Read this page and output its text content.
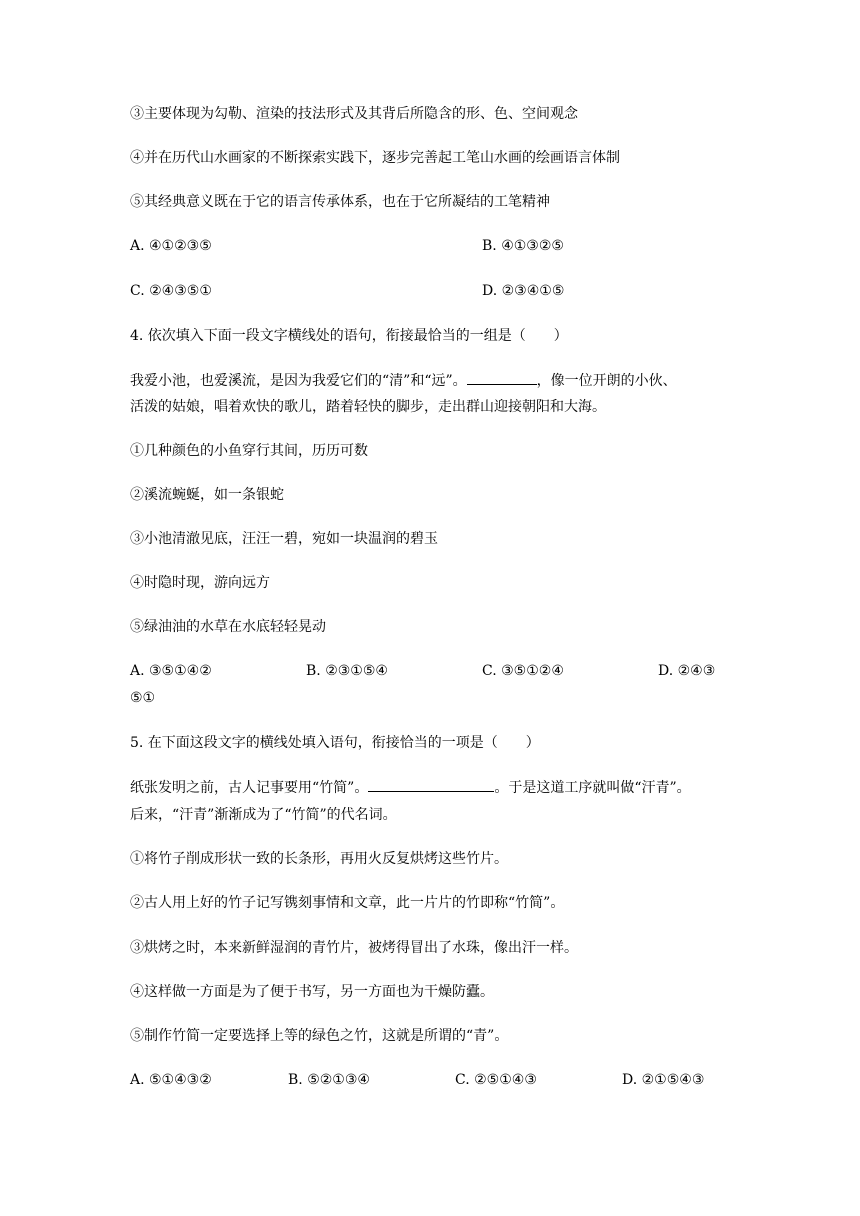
③主要体现为勾勒、渲染的技法形式及其背后所隐含的形、色、空间观念
④并在历代山水画家的不断探索实践下，逐步完善起工笔山水画的绘画语言体制
⑤其经典意义既在于它的语言传承体系，也在于它所凝结的工笔精神
A. ④①②③⑤	B. ④①③②⑤
C. ②④③⑤①	D. ②③④①⑤
4. 依次填入下面一段文字横线处的语句，衔接最恰当的一组是（　　）
我爱小池，也爱溪流，是因为我爱它们的“清”和“远”。	，像一位开朗的小伙、
活泼的姑娘，唱着欢快的歌儿，踏着轻快的脚步，走出群山迎接朝阳和大海。
①几种颜色的小鱼穿行其间，历历可数
②溪流蜿蜒，如一条银蛇
③小池清澈见底，汪汪一碧，宛如一块温润的碧玉
④时隐时现，游向远方
⑤绿油油的水草在水底轻轻晃动
A. ③⑤①④②	B. ②③①⑤④	C. ③⑤①②④	D. ②④③
⑤①
5. 在下面这段文字的横线处填入语句，衔接恰当的一项是（　　）
纸张发明之前，古人记事要用“竹简”。	。于是这道工序就叫做“汗青”。
后来，“汗青”渐渐成为了“竹简”的代名词。
①将竹子削成形状一致的长条形，再用火反复烘烤这些竹片。
②古人用上好的竹子记写镌刻事情和文章，此一片片的竹即称“竹简”。
③烘烤之时，本来新鲜湿润的青竹片，被烤得冒出了水珠，像出汗一样。
④这样做一方面是为了便于书写，另一方面也为干燥防蠹。
⑤制作竹简一定要选择上等的绿色之竹，这就是所谓的“青”。
A. ⑤①④③②	B. ⑤②①③④	C. ②⑤①④③	D. ②①⑤④③
